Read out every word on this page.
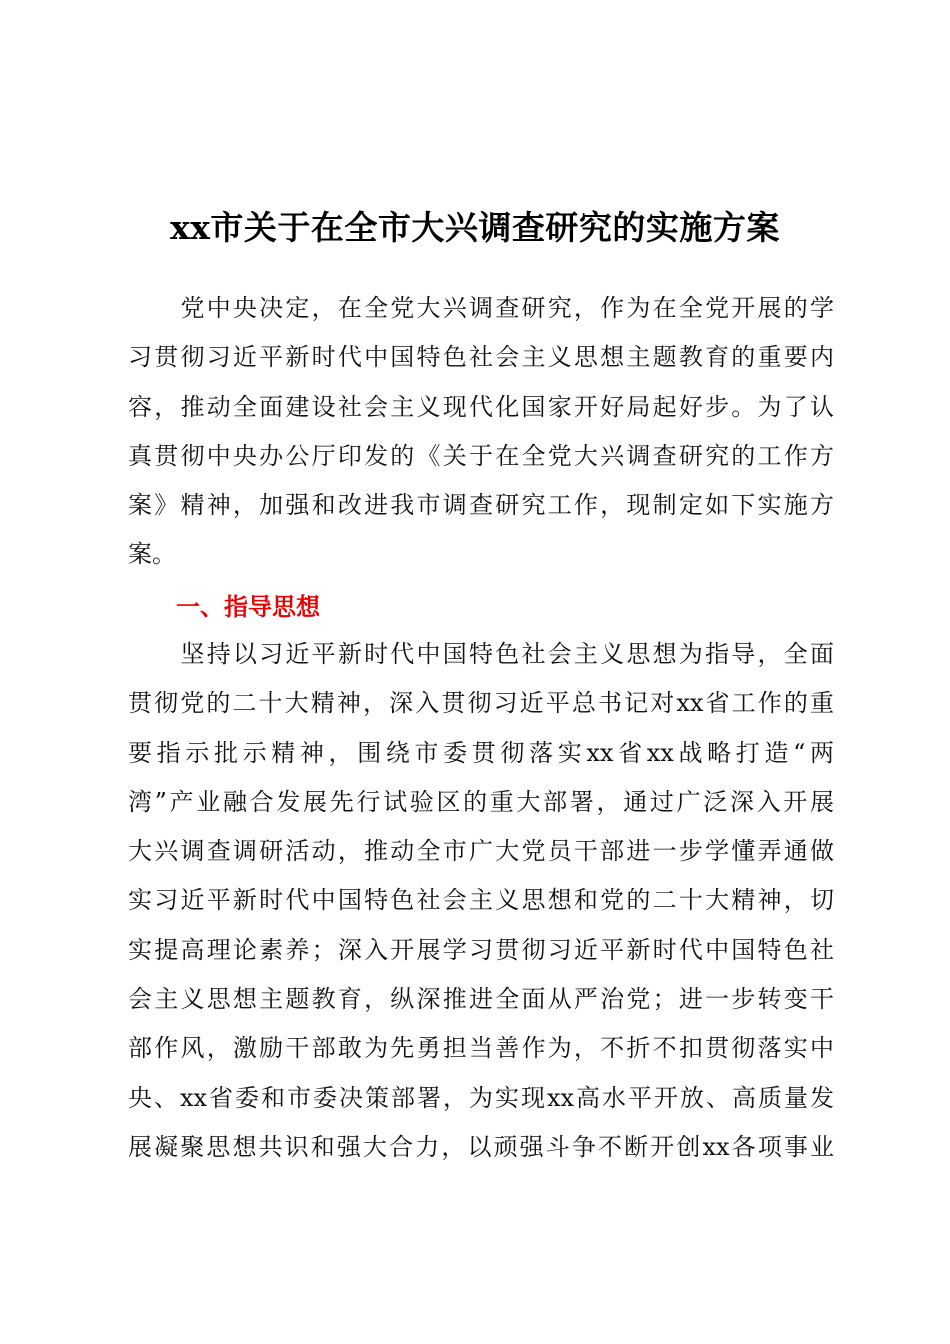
xx市关于在全市大兴调查研究的实施方案
　　党中央决定，在全党大兴调查研究，作为在全党开展的学
习贯彻习近平新时代中国特色社会主义思想主题教育的重要内
容，推动全面建设社会主义现代化国家开好局起好步。为了认
真贯彻中央办公厅印发的《关于在全党大兴调查研究的工作方
案》精神，加强和改进我市调查研究工作，现制定如下实施方
案。
一、指导思想
　　坚持以习近平新时代中国特色社会主义思想为指导，全面
贯彻党的二十大精神，深入贯彻习近平总书记对xx省工作的重
要指示批示精神，围绕市委贯彻落实xx省xx战略打造“两
湾”产业融合发展先行试验区的重大部署，通过广泛深入开展
大兴调查调研活动，推动全市广大党员干部进一步学懂弄通做
实习近平新时代中国特色社会主义思想和党的二十大精神，切
实提高理论素养；深入开展学习贯彻习近平新时代中国特色社
会主义思想主题教育，纵深推进全面从严治党；进一步转变干
部作风，激励干部敢为先勇担当善作为，不折不扣贯彻落实中
央、xx省委和市委决策部署，为实现xx高水平开放、高质量发
展凝聚思想共识和强大合力，以顽强斗争不断开创xx各项事业
